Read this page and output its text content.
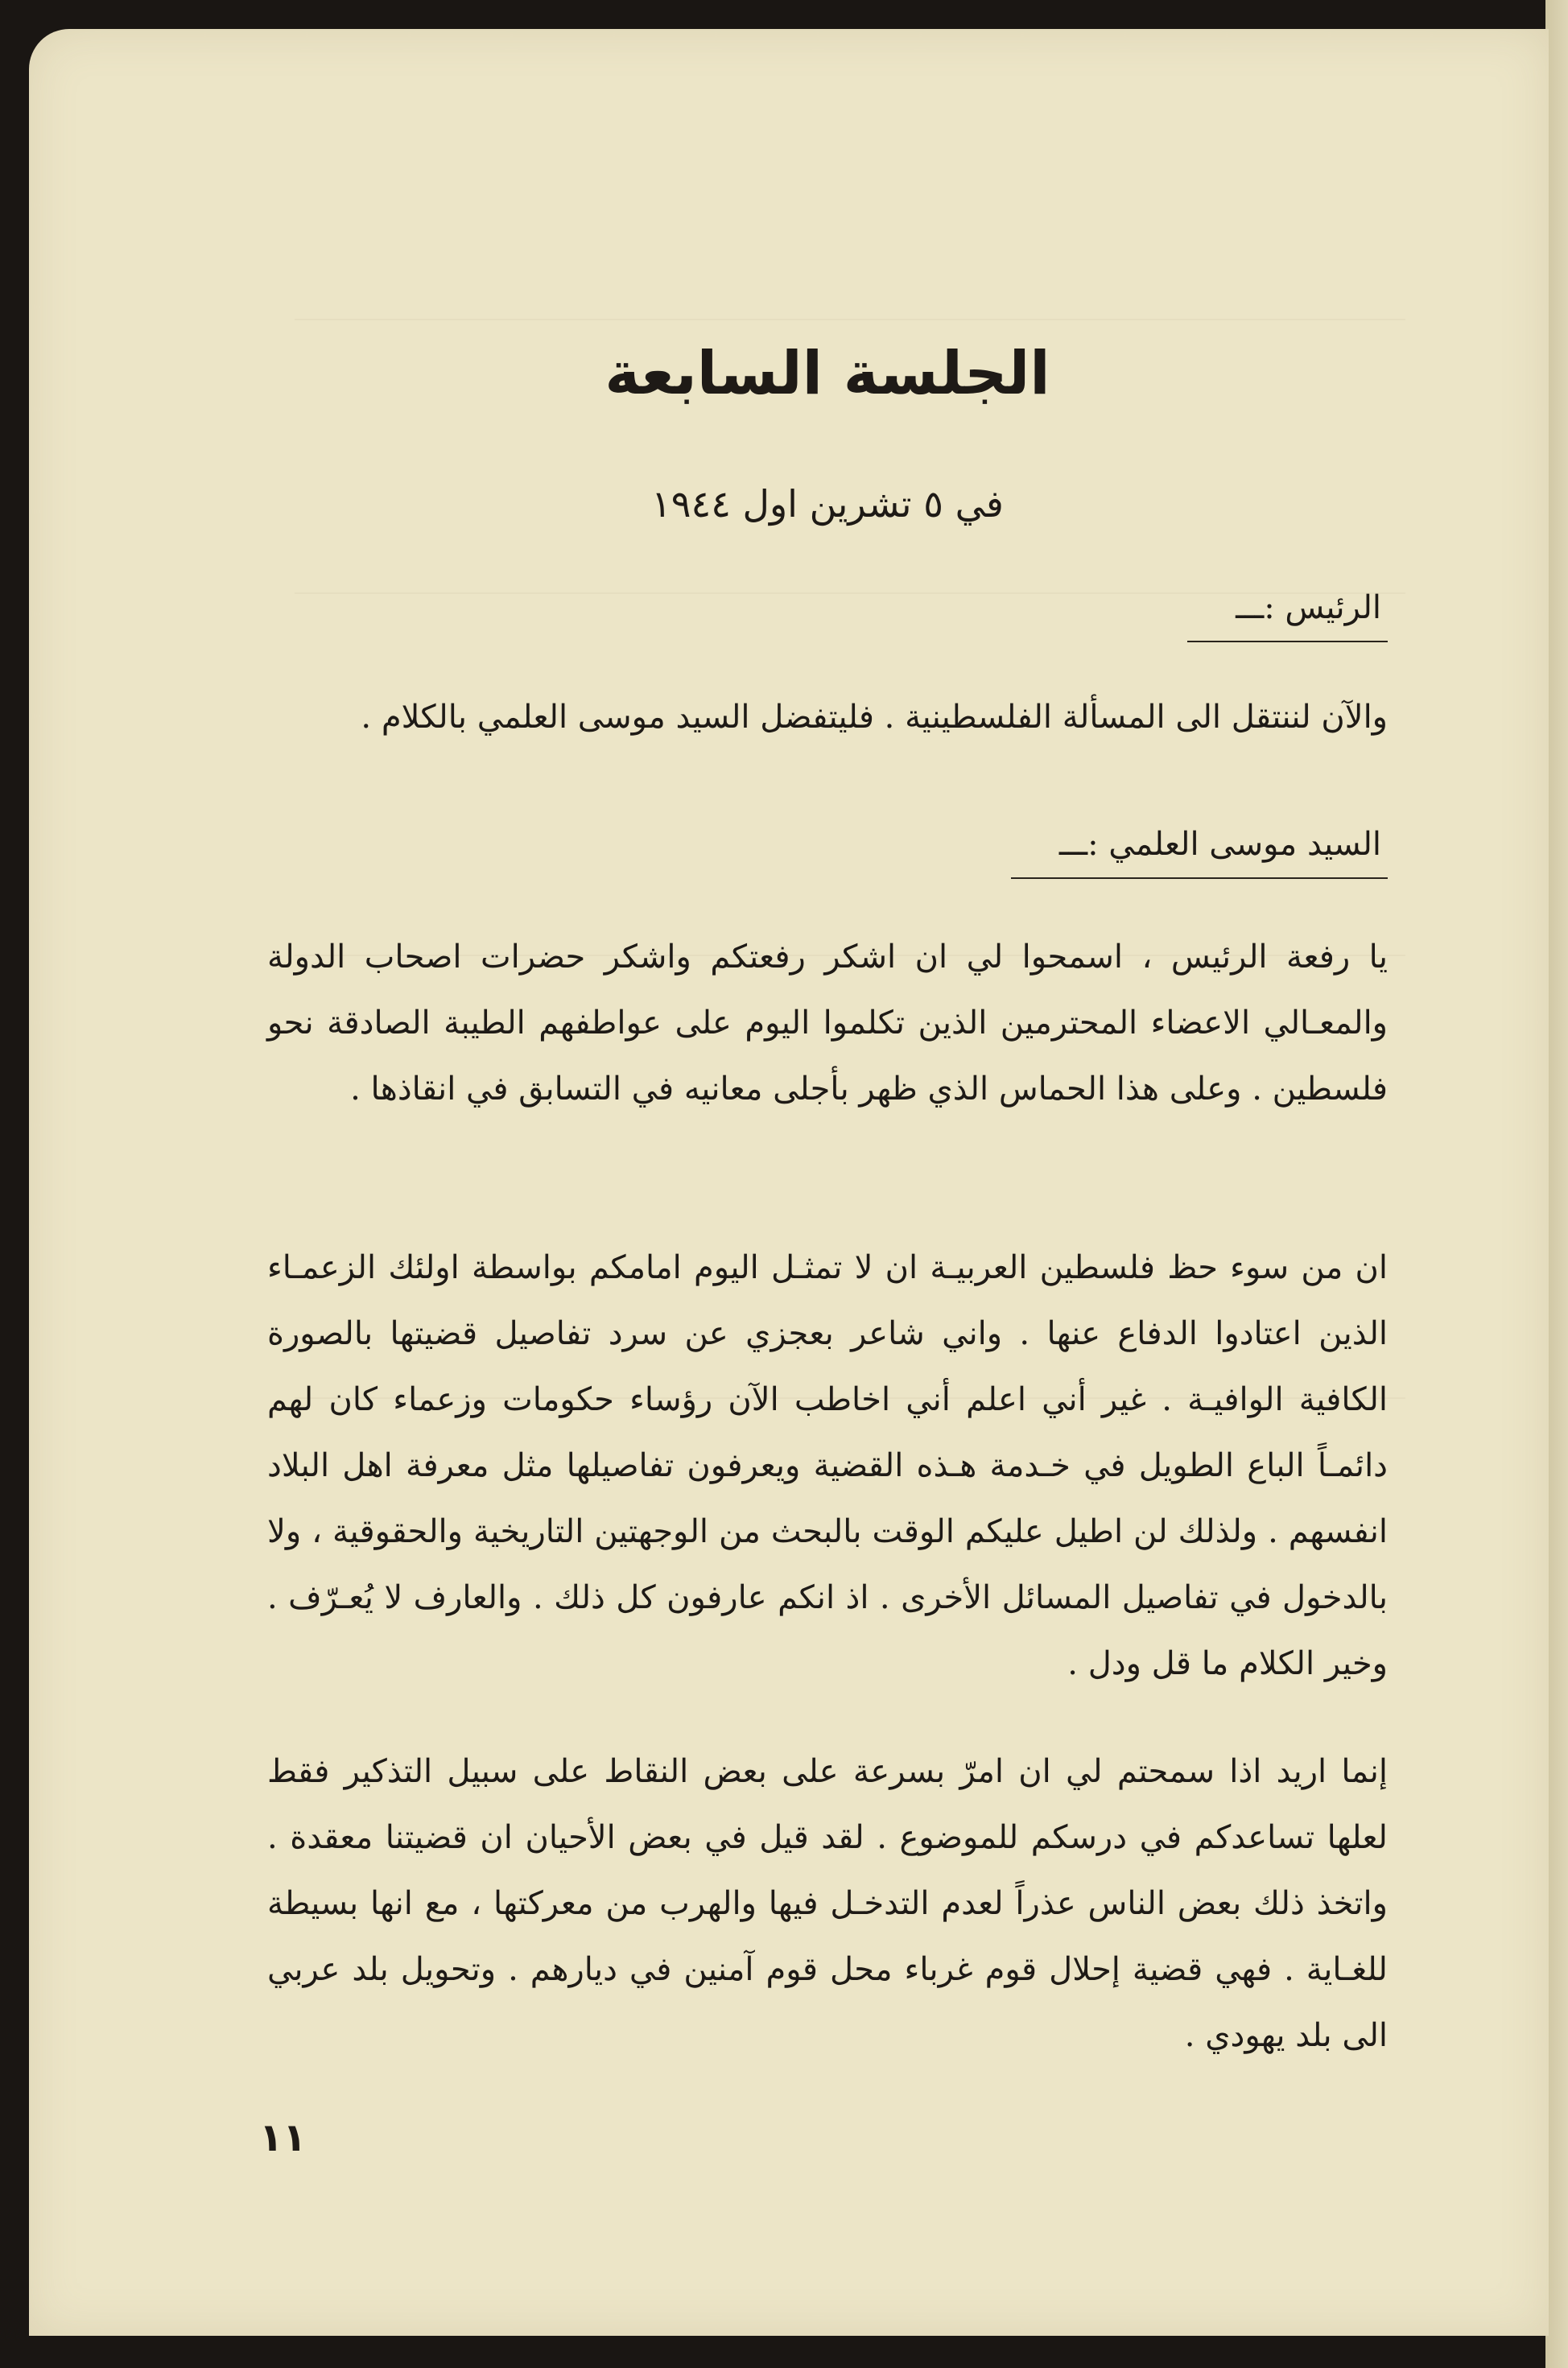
الجلسة السابعة
في ٥ تشرين اول ١٩٤٤
الرئيس :ـــ
والآن لننتقل الى المسألة الفلسطينية . فليتفضل السيد موسى العلمي بالكلام .
السيد موسى العلمي :ـــ
يا رفعة الرئيس ، اسمحوا لي ان اشكر رفعتكم واشكر حضرات اصحاب الدولة والمعـالي الاعضاء المحترمين الذين تكلموا اليوم على عواطفهم الطيبة الصادقة نحو فلسطين . وعلى هذا الحماس الذي ظهر بأجلى معانيه في التسابق في انقاذها .
ان من سوء حظ فلسطين العربيـة ان لا تمثـل اليوم امامكم بواسطة اولئك الزعمـاء الذين اعتادوا الدفاع عنها . واني شاعر بعجزي عن سرد تفاصيل قضيتها بالصورة الكافية الوافيـة . غير أني اعلم أني اخاطب الآن رؤساء حكومات وزعماء كان لهم دائمـاً الباع الطويل في خـدمة هـذه القضية ويعرفون تفاصيلها مثل معرفة اهل البلاد انفسهم . ولذلك لن اطيل عليكم الوقت بالبحث من الوجهتين التاريخية والحقوقية ، ولا بالدخول في تفاصيل المسائل الأخرى . اذ انكم عارفون كل ذلك . والعارف لا يُعـرّف . وخير الكلام ما قل ودل .
إنما اريد اذا سمحتم لي ان امرّ بسرعة على بعض النقاط على سبيل التذكير فقط لعلها تساعدكم في درسكم للموضوع . لقد قيل في بعض الأحيان ان قضيتنا معقدة . واتخذ ذلك بعض الناس عذراً لعدم التدخـل فيها والهرب من معركتها ، مع انها بسيطة للغـاية . فهي قضية إحلال قوم غرباء محل قوم آمنين في ديارهم . وتحويل بلد عربي الى بلد يهودي .
١١
